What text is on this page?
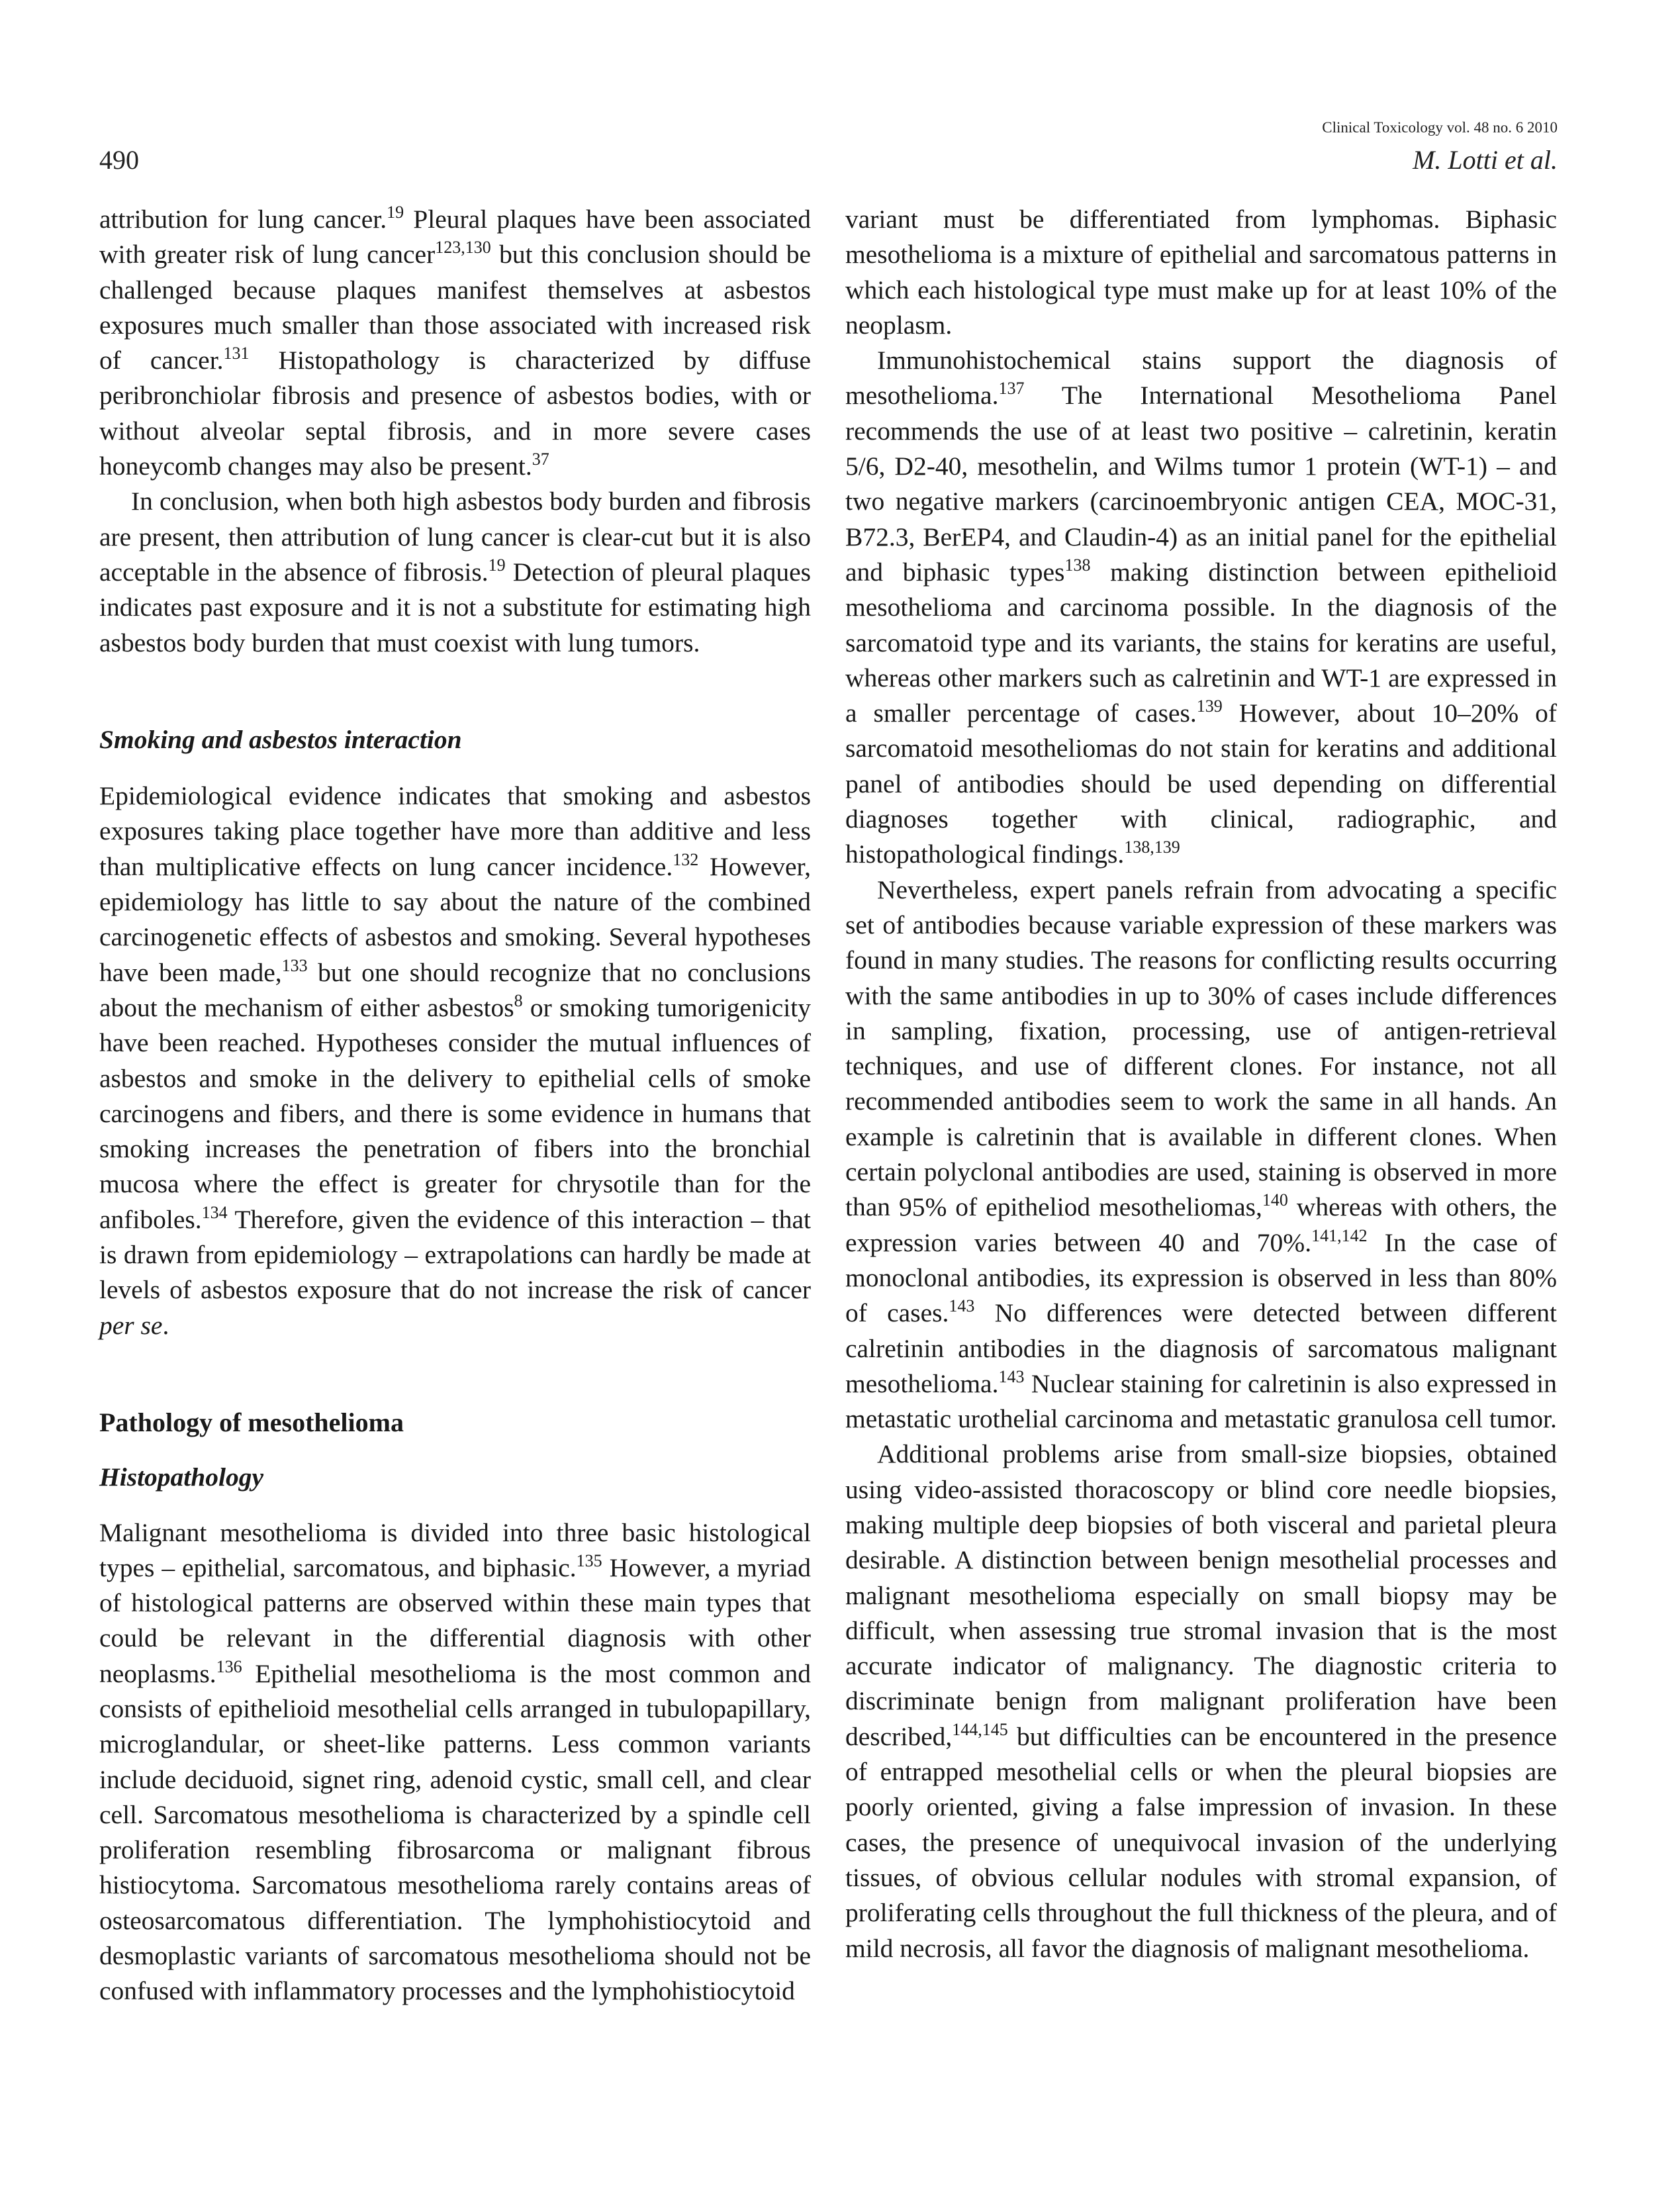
Clinical Toxicology vol. 48 no. 6 2010
490	M. Lotti et al.

attribution for lung cancer.$^{19}$ Pleural plaques have been associated with greater risk of lung cancer$^{123,130}$ but this conclusion should be challenged because plaques manifest themselves at asbestos exposures much smaller than those associated with increased risk of cancer.$^{131}$ Histopathology is characterized by diffuse peribronchiolar fibrosis and presence of asbestos bodies, with or without alveolar septal fibrosis, and in more severe cases honeycomb changes may also be present.$^{37}$

In conclusion, when both high asbestos body burden and fibrosis are present, then attribution of lung cancer is clear-cut but it is also acceptable in the absence of fibrosis.$^{19}$ Detection of pleural plaques indicates past exposure and it is not a substitute for estimating high asbestos body burden that must coexist with lung tumors.

Smoking and asbestos interaction

Epidemiological evidence indicates that smoking and asbestos exposures taking place together have more than additive and less than multiplicative effects on lung cancer incidence.$^{132}$ However, epidemiology has little to say about the nature of the combined carcinogenetic effects of asbestos and smoking. Several hypotheses have been made,$^{133}$ but one should recognize that no conclusions about the mechanism of either asbestos$^8$ or smoking tumorigenicity have been reached. Hypotheses consider the mutual influences of asbestos and smoke in the delivery to epithelial cells of smoke carcinogens and fibers, and there is some evidence in humans that smoking increases the penetration of fibers into the bronchial mucosa where the effect is greater for chrysotile than for the anfiboles.$^{134}$ Therefore, given the evidence of this interaction – that is drawn from epidemiology – extrapolations can hardly be made at levels of asbestos exposure that do not increase the risk of cancer per se.

Pathology of mesothelioma

Histopathology

Malignant mesothelioma is divided into three basic histological types – epithelial, sarcomatous, and biphasic.$^{135}$ However, a myriad of histological patterns are observed within these main types that could be relevant in the differential diagnosis with other neoplasms.$^{136}$ Epithelial mesothelioma is the most common and consists of epithelioid mesothelial cells arranged in tubulopapillary, microglandular, or sheet-like patterns. Less common variants include deciduoid, signet ring, adenoid cystic, small cell, and clear cell. Sarcomatous mesothelioma is characterized by a spindle cell proliferation resembling fibrosarcoma or malignant fibrous histiocytoma. Sarcomatous mesothelioma rarely contains areas of osteosarcomatous differentiation. The lymphohistiocytoid and desmoplastic variants of sarcomatous mesothelioma should not be confused with inflammatory processes and the lymphohistiocytoid

variant must be differentiated from lymphomas. Biphasic mesothelioma is a mixture of epithelial and sarcomatous patterns in which each histological type must make up for at least 10% of the neoplasm.

Immunohistochemical stains support the diagnosis of mesothelioma.$^{137}$ The International Mesothelioma Panel recommends the use of at least two positive – calretinin, keratin 5/6, D2-40, mesothelin, and Wilms tumor 1 protein (WT-1) – and two negative markers (carcinoembryonic antigen CEA, MOC-31, B72.3, BerEP4, and Claudin-4) as an initial panel for the epithelial and biphasic types$^{138}$ making distinction between epithelioid mesothelioma and carcinoma possible. In the diagnosis of the sarcomatoid type and its variants, the stains for keratins are useful, whereas other markers such as calretinin and WT-1 are expressed in a smaller percentage of cases.$^{139}$ However, about 10–20% of sarcomatoid mesotheliomas do not stain for keratins and additional panel of antibodies should be used depending on differential diagnoses together with clinical, radiographic, and histopathological findings.$^{138,139}$

Nevertheless, expert panels refrain from advocating a specific set of antibodies because variable expression of these markers was found in many studies. The reasons for conflicting results occurring with the same antibodies in up to 30% of cases include differences in sampling, fixation, processing, use of antigen-retrieval techniques, and use of different clones. For instance, not all recommended antibodies seem to work the same in all hands. An example is calretinin that is available in different clones. When certain polyclonal antibodies are used, staining is observed in more than 95% of epitheliod mesotheliomas,$^{140}$ whereas with others, the expression varies between 40 and 70%.$^{141,142}$ In the case of monoclonal antibodies, its expression is observed in less than 80% of cases.$^{143}$ No differences were detected between different calretinin antibodies in the diagnosis of sarcomatous malignant mesothelioma.$^{143}$ Nuclear staining for calretinin is also expressed in metastatic urothelial carcinoma and metastatic granulosa cell tumor.

Additional problems arise from small-size biopsies, obtained using video-assisted thoracoscopy or blind core needle biopsies, making multiple deep biopsies of both visceral and parietal pleura desirable. A distinction between benign mesothelial processes and malignant mesothelioma especially on small biopsy may be difficult, when assessing true stromal invasion that is the most accurate indicator of malignancy. The diagnostic criteria to discriminate benign from malignant proliferation have been described,$^{144,145}$ but difficulties can be encountered in the presence of entrapped mesothelial cells or when the pleural biopsies are poorly oriented, giving a false impression of invasion. In these cases, the presence of unequivocal invasion of the underlying tissues, of obvious cellular nodules with stromal expansion, of proliferating cells throughout the full thickness of the pleura, and of mild necrosis, all favor the diagnosis of malignant mesothelioma.
